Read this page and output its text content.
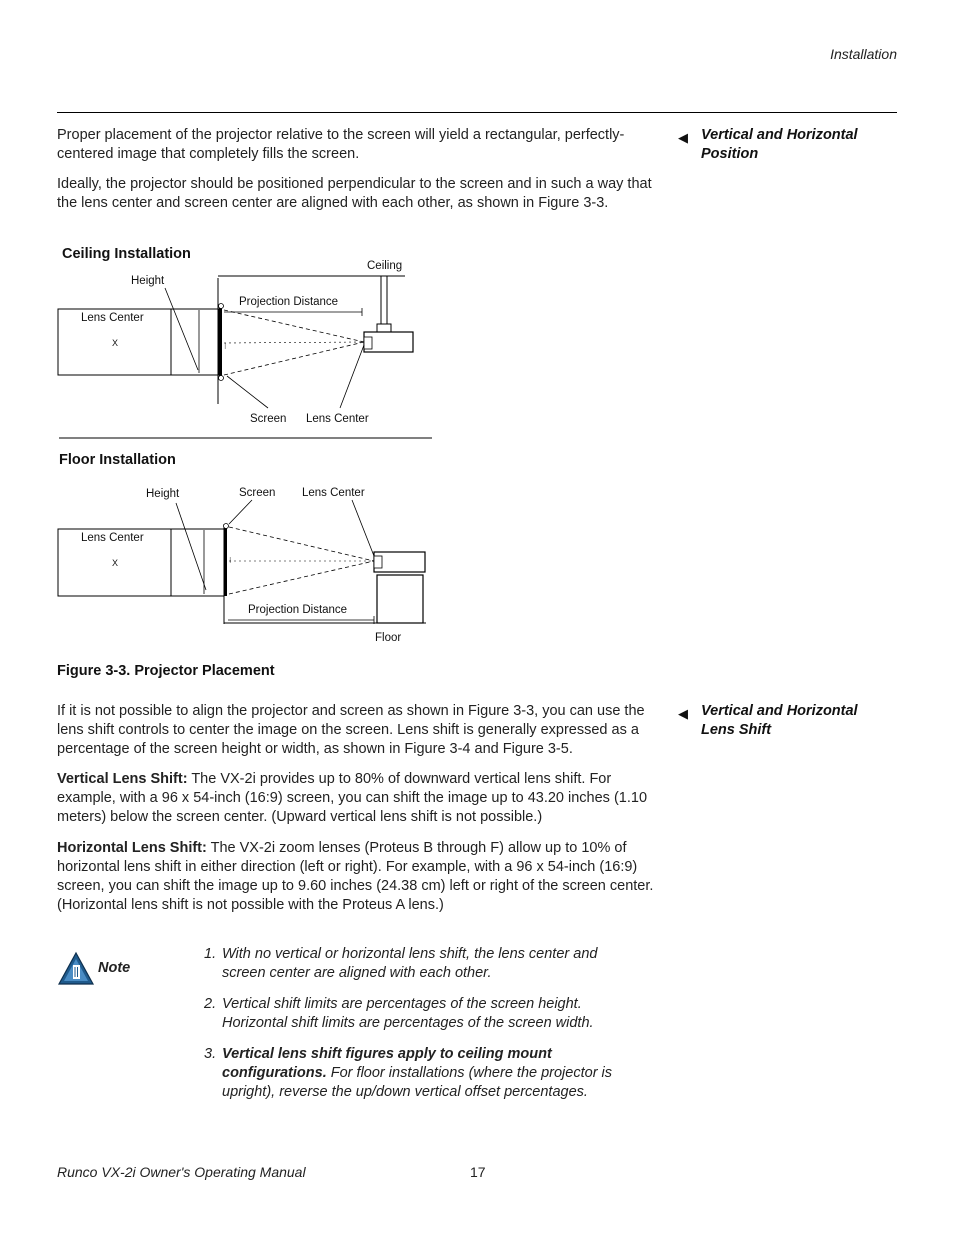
Installation
Proper placement of the projector relative to the screen will yield a rectangular, perfectly-centered image that completely fills the screen.
Ideally, the projector should be positioned perpendicular to the screen and in such a way that the lens center and screen center are aligned with each other, as shown in Figure 3-3.
◀ Vertical and Horizontal Position
Ceiling Installation
Lens Center
X
Height
Ceiling
Projection Distance
⁝
Screen Lens Center
Floor Installation
Lens Center
X
Height	Screen Lens Center
⁝
Projection Distance
Floor
Figure 3-3. Projector Placement
◀ Vertical and Horizontal Lens Shift
If it is not possible to align the projector and screen as shown in Figure 3-3, you can use the lens shift controls to center the image on the screen. Lens shift is generally expressed as a percentage of the screen height or width, as shown in Figure 3-4 and Figure 3-5.
Vertical Lens Shift: The VX-2i provides up to 80% of downward vertical lens shift. For example, with a 96 x 54-inch (16:9) screen, you can shift the image up to 43.20 inches (1.10 meters) below the screen center. (Upward vertical lens shift is not possible.)
Horizontal Lens Shift: The VX-2i zoom lenses (Proteus B through F) allow up to 10% of horizontal lens shift in either direction (left or right). For example, with a 96 x 54-inch (16:9) screen, you can shift the image up to 9.60 inches (24.38 cm) left or right of the screen center. (Horizontal lens shift is not possible with the Proteus A lens.)
Note
1. With no vertical or horizontal lens shift, the lens center and screen center are aligned with each other.
2. Vertical shift limits are percentages of the screen height. Horizontal shift limits are percentages of the screen width.
3. Vertical lens shift figures apply to ceiling mount configurations. For floor installations (where the projector is upright), reverse the up/down vertical offset percentages.
Runco VX-2i Owner's Operating Manual	17
